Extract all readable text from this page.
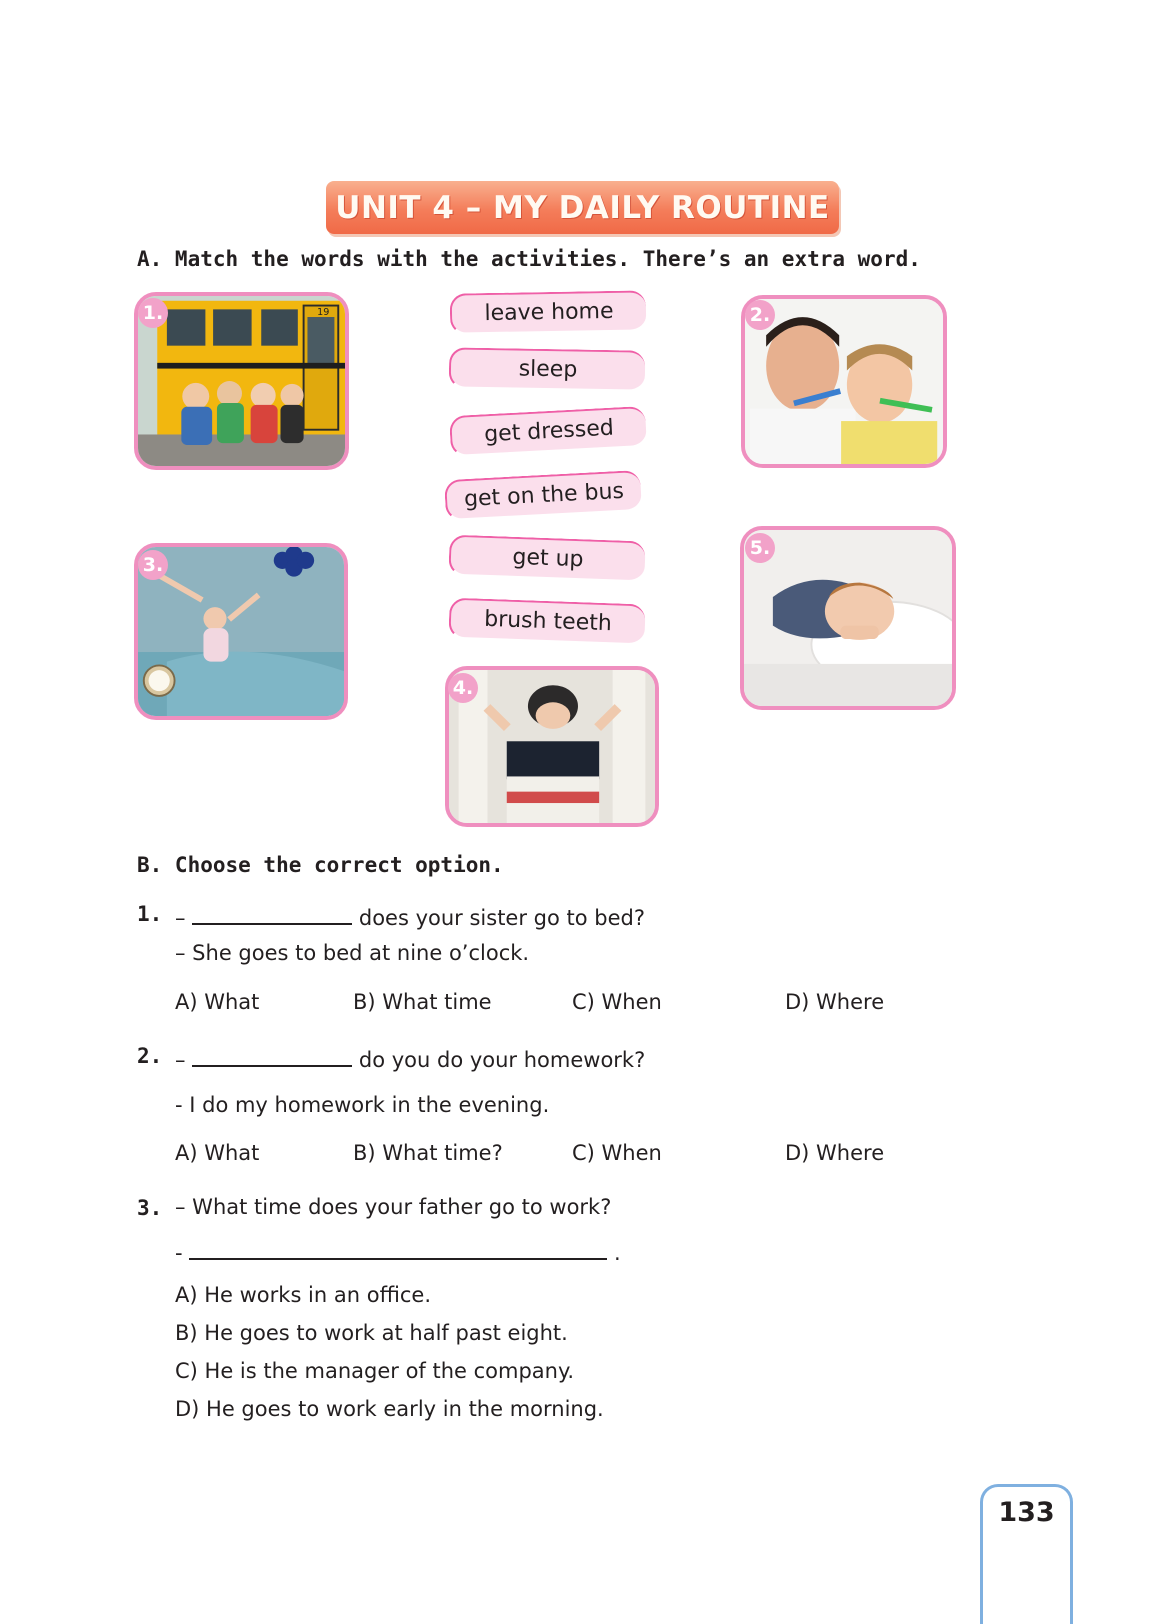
UNIT 4 – MY DAILY ROUTINE
A. Match the words with the activities. There’s an extra word.
19
1.	2.
3.
4.
5.
leave home
sleep
get dressed
get on the bus
get up
brush teeth
B. Choose the correct option.
1. –	does your sister go to bed?
– She goes to bed at nine o’clock.
A) What	B) What time	C) When	D) Where
2. –	do you do your homework?
- I do my homework in the evening.
A) What	B) What time?	C) When	D) Where
3. – What time does your father go to work?
-	.
A) He works in an office.
B) He goes to work at half past eight.
C) He is the manager of the company.
D) He goes to work early in the morning.
133
